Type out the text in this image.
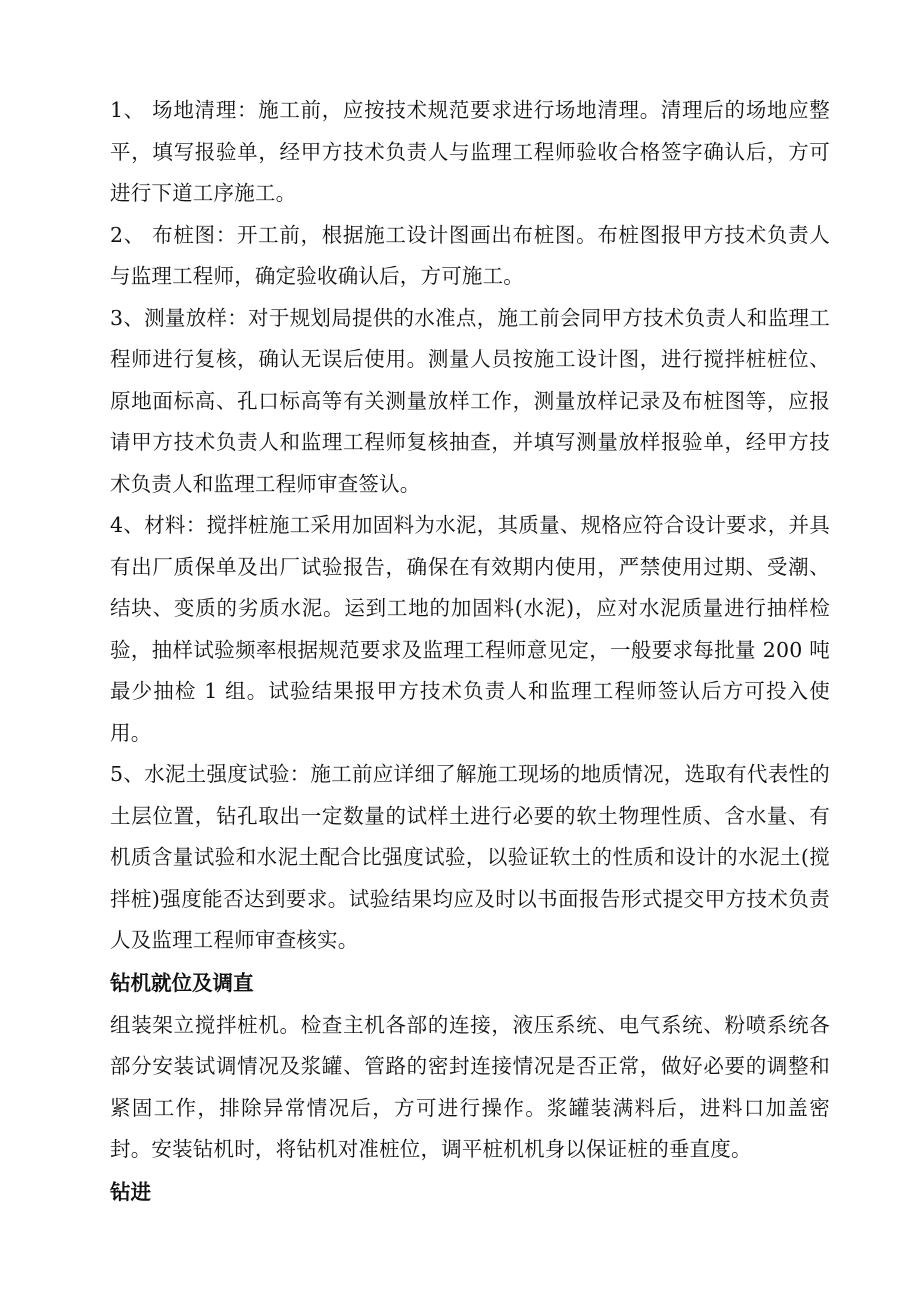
1、 场地清理：施工前，应按技术规范要求进行场地清理。清理后的场地应整平，填写报验单，经甲方技术负责人与监理工程师验收合格签字确认后，方可进行下道工序施工。

2、 布桩图：开工前，根据施工设计图画出布桩图。布桩图报甲方技术负责人与监理工程师，确定验收确认后，方可施工。

3、测量放样：对于规划局提供的水准点，施工前会同甲方技术负责人和监理工程师进行复核，确认无误后使用。测量人员按施工设计图，进行搅拌桩桩位、原地面标高、孔口标高等有关测量放样工作，测量放样记录及布桩图等，应报请甲方技术负责人和监理工程师复核抽查，并填写测量放样报验单，经甲方技术负责人和监理工程师审查签认。

4、材料：搅拌桩施工采用加固料为水泥，其质量、规格应符合设计要求，并具有出厂质保单及出厂试验报告，确保在有效期内使用，严禁使用过期、受潮、结块、变质的劣质水泥。运到工地的加固料(水泥)，应对水泥质量进行抽样检验，抽样试验频率根据规范要求及监理工程师意见定，一般要求每批量 200 吨最少抽检 1 组。试验结果报甲方技术负责人和监理工程师签认后方可投入使用。

5、水泥土强度试验：施工前应详细了解施工现场的地质情况，选取有代表性的土层位置，钻孔取出一定数量的试样土进行必要的软土物理性质、含水量、有机质含量试验和水泥土配合比强度试验，以验证软土的性质和设计的水泥土(搅拌桩)强度能否达到要求。试验结果均应及时以书面报告形式提交甲方技术负责人及监理工程师审查核实。

钻机就位及调直

组装架立搅拌桩机。检查主机各部的连接，液压系统、电气系统、粉喷系统各部分安装试调情况及浆罐、管路的密封连接情况是否正常，做好必要的调整和紧固工作，排除异常情况后，方可进行操作。浆罐装满料后，进料口加盖密封。安装钻机时，将钻机对准桩位，调平桩机机身以保证桩的垂直度。

钻进
